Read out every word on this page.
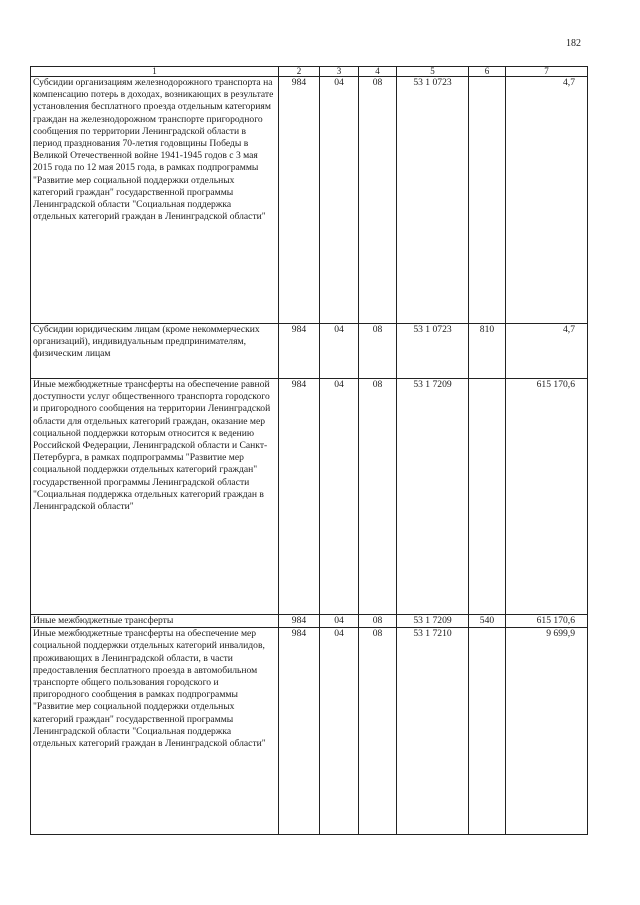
182
1	2	3	4	5	6	7
Субсидии организациям железнодорожного транспорта на компенсацию потерь в доходах, возникающих в результате установления бесплатного проезда отдельным категориям граждан на железнодорожном транспорте пригородного сообщения по территории Ленинградской области в период празднования 70-летия годовщины Победы в Великой Отечественной войне 1941-1945 годов с 3 мая 2015 года по 12 мая 2015 года, в рамках подпрограммы "Развитие мер социальной поддержки отдельных категорий граждан" государственной программы Ленинградской области "Социальная поддержка отдельных категорий граждан в Ленинградской области"	984	04	08	53 1 0723		4,7
Субсидии юридическим лицам (кроме некоммерческих организаций), индивидуальным предпринимателям, физическим лицам	984	04	08	53 1 0723	810	4,7
Иные межбюджетные трансферты на обеспечение равной доступности услуг общественного транспорта городского и пригородного сообщения на территории Ленинградской области для отдельных категорий граждан, оказание мер социальной поддержки которым относится к ведению Российской Федерации, Ленинградской области и Санкт-Петербурга, в рамках подпрограммы "Развитие мер социальной поддержки отдельных категорий граждан" государственной программы Ленинградской области "Социальная поддержка отдельных категорий граждан в Ленинградской области"	984	04	08	53 1 7209		615 170,6
Иные межбюджетные трансферты	984	04	08	53 1 7209	540	615 170,6
Иные межбюджетные трансферты на обеспечение мер социальной поддержки отдельных категорий инвалидов, проживающих в Ленинградской области, в части предоставления бесплатного проезда в автомобильном транспорте общего пользования городского и пригородного сообщения в рамках подпрограммы "Развитие мер социальной поддержки отдельных категорий граждан" государственной программы Ленинградской области "Социальная поддержка отдельных категорий граждан в Ленинградской области"	984	04	08	53 1 7210		9 699,9
